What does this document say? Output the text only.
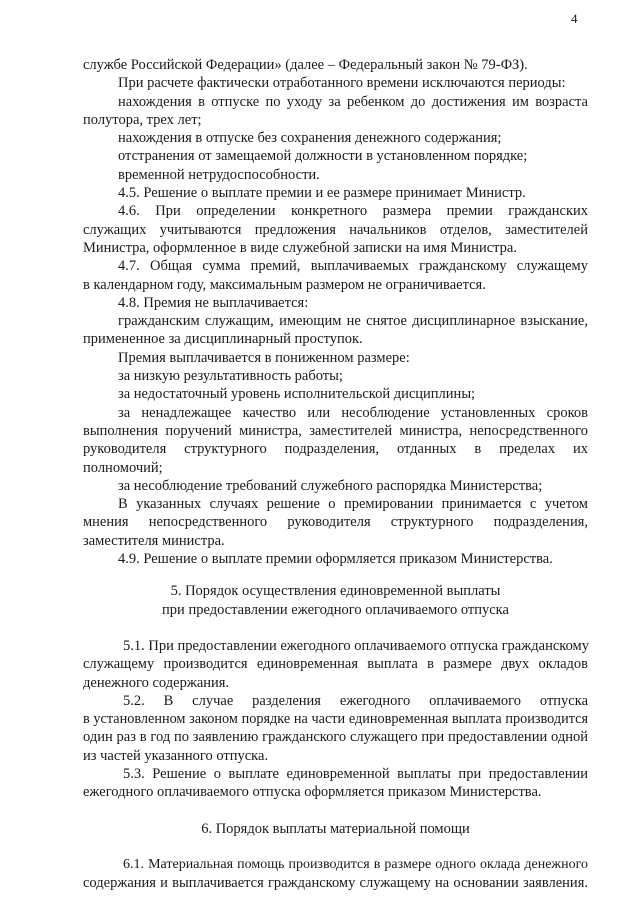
4
службе Российской Федерации» (далее – Федеральный закон № 79-ФЗ).
При расчете фактически отработанного времени исключаются периоды:
нахождения в отпуске по уходу за ребенком до достижения им возраста
полутора, трех лет;
нахождения в отпуске без сохранения денежного содержания;
отстранения от замещаемой должности в установленном порядке;
временной нетрудоспособности.
4.5. Решение о выплате премии и ее размере принимает Министр.
4.6. При определении конкретного размера премии гражданских
служащих учитываются предложения начальников отделов, заместителей
Министра, оформленное в виде служебной записки на имя Министра.
4.7. Общая сумма премий, выплачиваемых гражданскому служащему
в календарном году, максимальным размером не ограничивается.
4.8. Премия не выплачивается:
гражданским служащим, имеющим не снятое дисциплинарное взыскание,
примененное за дисциплинарный проступок.
Премия выплачивается в пониженном размере:
за низкую результативность работы;
за недостаточный уровень исполнительской дисциплины;
за ненадлежащее качество или несоблюдение установленных сроков
выполнения поручений министра, заместителей министра, непосредственного
руководителя структурного подразделения, отданных в пределах их
полномочий;
за несоблюдение требований служебного распорядка Министерства;
В указанных случаях решение о премировании принимается с учетом
мнения непосредственного руководителя структурного подразделения,
заместителя министра.
4.9. Решение о выплате премии оформляется приказом Министерства.
5. Порядок осуществления единовременной выплаты
при предоставлении ежегодного оплачиваемого отпуска
5.1. При предоставлении ежегодного оплачиваемого отпуска гражданскому
служащему производится единовременная выплата в размере двух окладов
денежного содержания.
5.2. В случае разделения ежегодного оплачиваемого отпуска
в установленном законом порядке на части единовременная выплата производится
один раз в год по заявлению гражданского служащего при предоставлении одной
из частей указанного отпуска.
5.3. Решение о выплате единовременной выплаты при предоставлении
ежегодного оплачиваемого отпуска оформляется приказом Министерства.
6. Порядок выплаты материальной помощи
6.1. Материальная помощь производится в размере одного оклада денежного
содержания и выплачивается гражданскому служащему на основании заявления.
